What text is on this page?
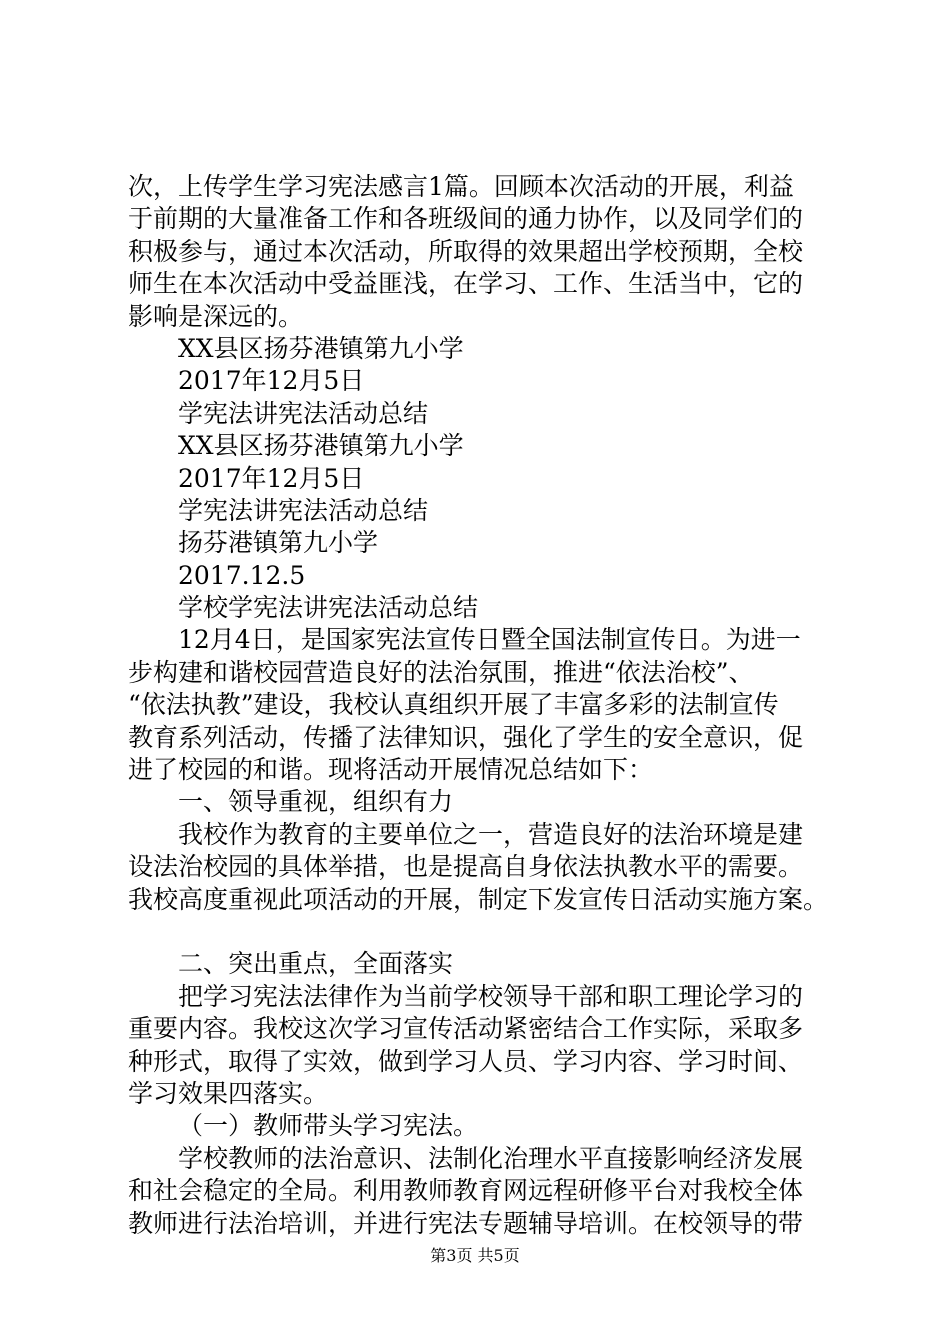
次，上传学生学习宪法感言1篇。回顾本次活动的开展，利益
于前期的大量准备工作和各班级间的通力协作，以及同学们的
积极参与，通过本次活动，所取得的效果超出学校预期，全校
师生在本次活动中受益匪浅，在学习、工作、生活当中，它的
影响是深远的。
XX县区扬芬港镇第九小学
2017年12月5日
学宪法讲宪法活动总结
XX县区扬芬港镇第九小学
2017年12月5日
学宪法讲宪法活动总结
扬芬港镇第九小学
2017.12.5
学校学宪法讲宪法活动总结
12月4日，是国家宪法宣传日暨全国法制宣传日。为进一
步构建和谐校园营造良好的法治氛围，推进“依法治校”、
“依法执教”建设，我校认真组织开展了丰富多彩的法制宣传
教育系列活动，传播了法律知识，强化了学生的安全意识，促
进了校园的和谐。现将活动开展情况总结如下：
一、领导重视，组织有力
我校作为教育的主要单位之一，营造良好的法治环境是建
设法治校园的具体举措，也是提高自身依法执教水平的需要。
我校高度重视此项活动的开展，制定下发宣传日活动实施方案。
二、突出重点，全面落实
把学习宪法法律作为当前学校领导干部和职工理论学习的
重要内容。我校这次学习宣传活动紧密结合工作实际，采取多
种形式，取得了实效，做到学习人员、学习内容、学习时间、
学习效果四落实。
（一）教师带头学习宪法。
学校教师的法治意识、法制化治理水平直接影响经济发展
和社会稳定的全局。利用教师教育网远程研修平台对我校全体
教师进行法治培训，并进行宪法专题辅导培训。在校领导的带
第3页 共5页
